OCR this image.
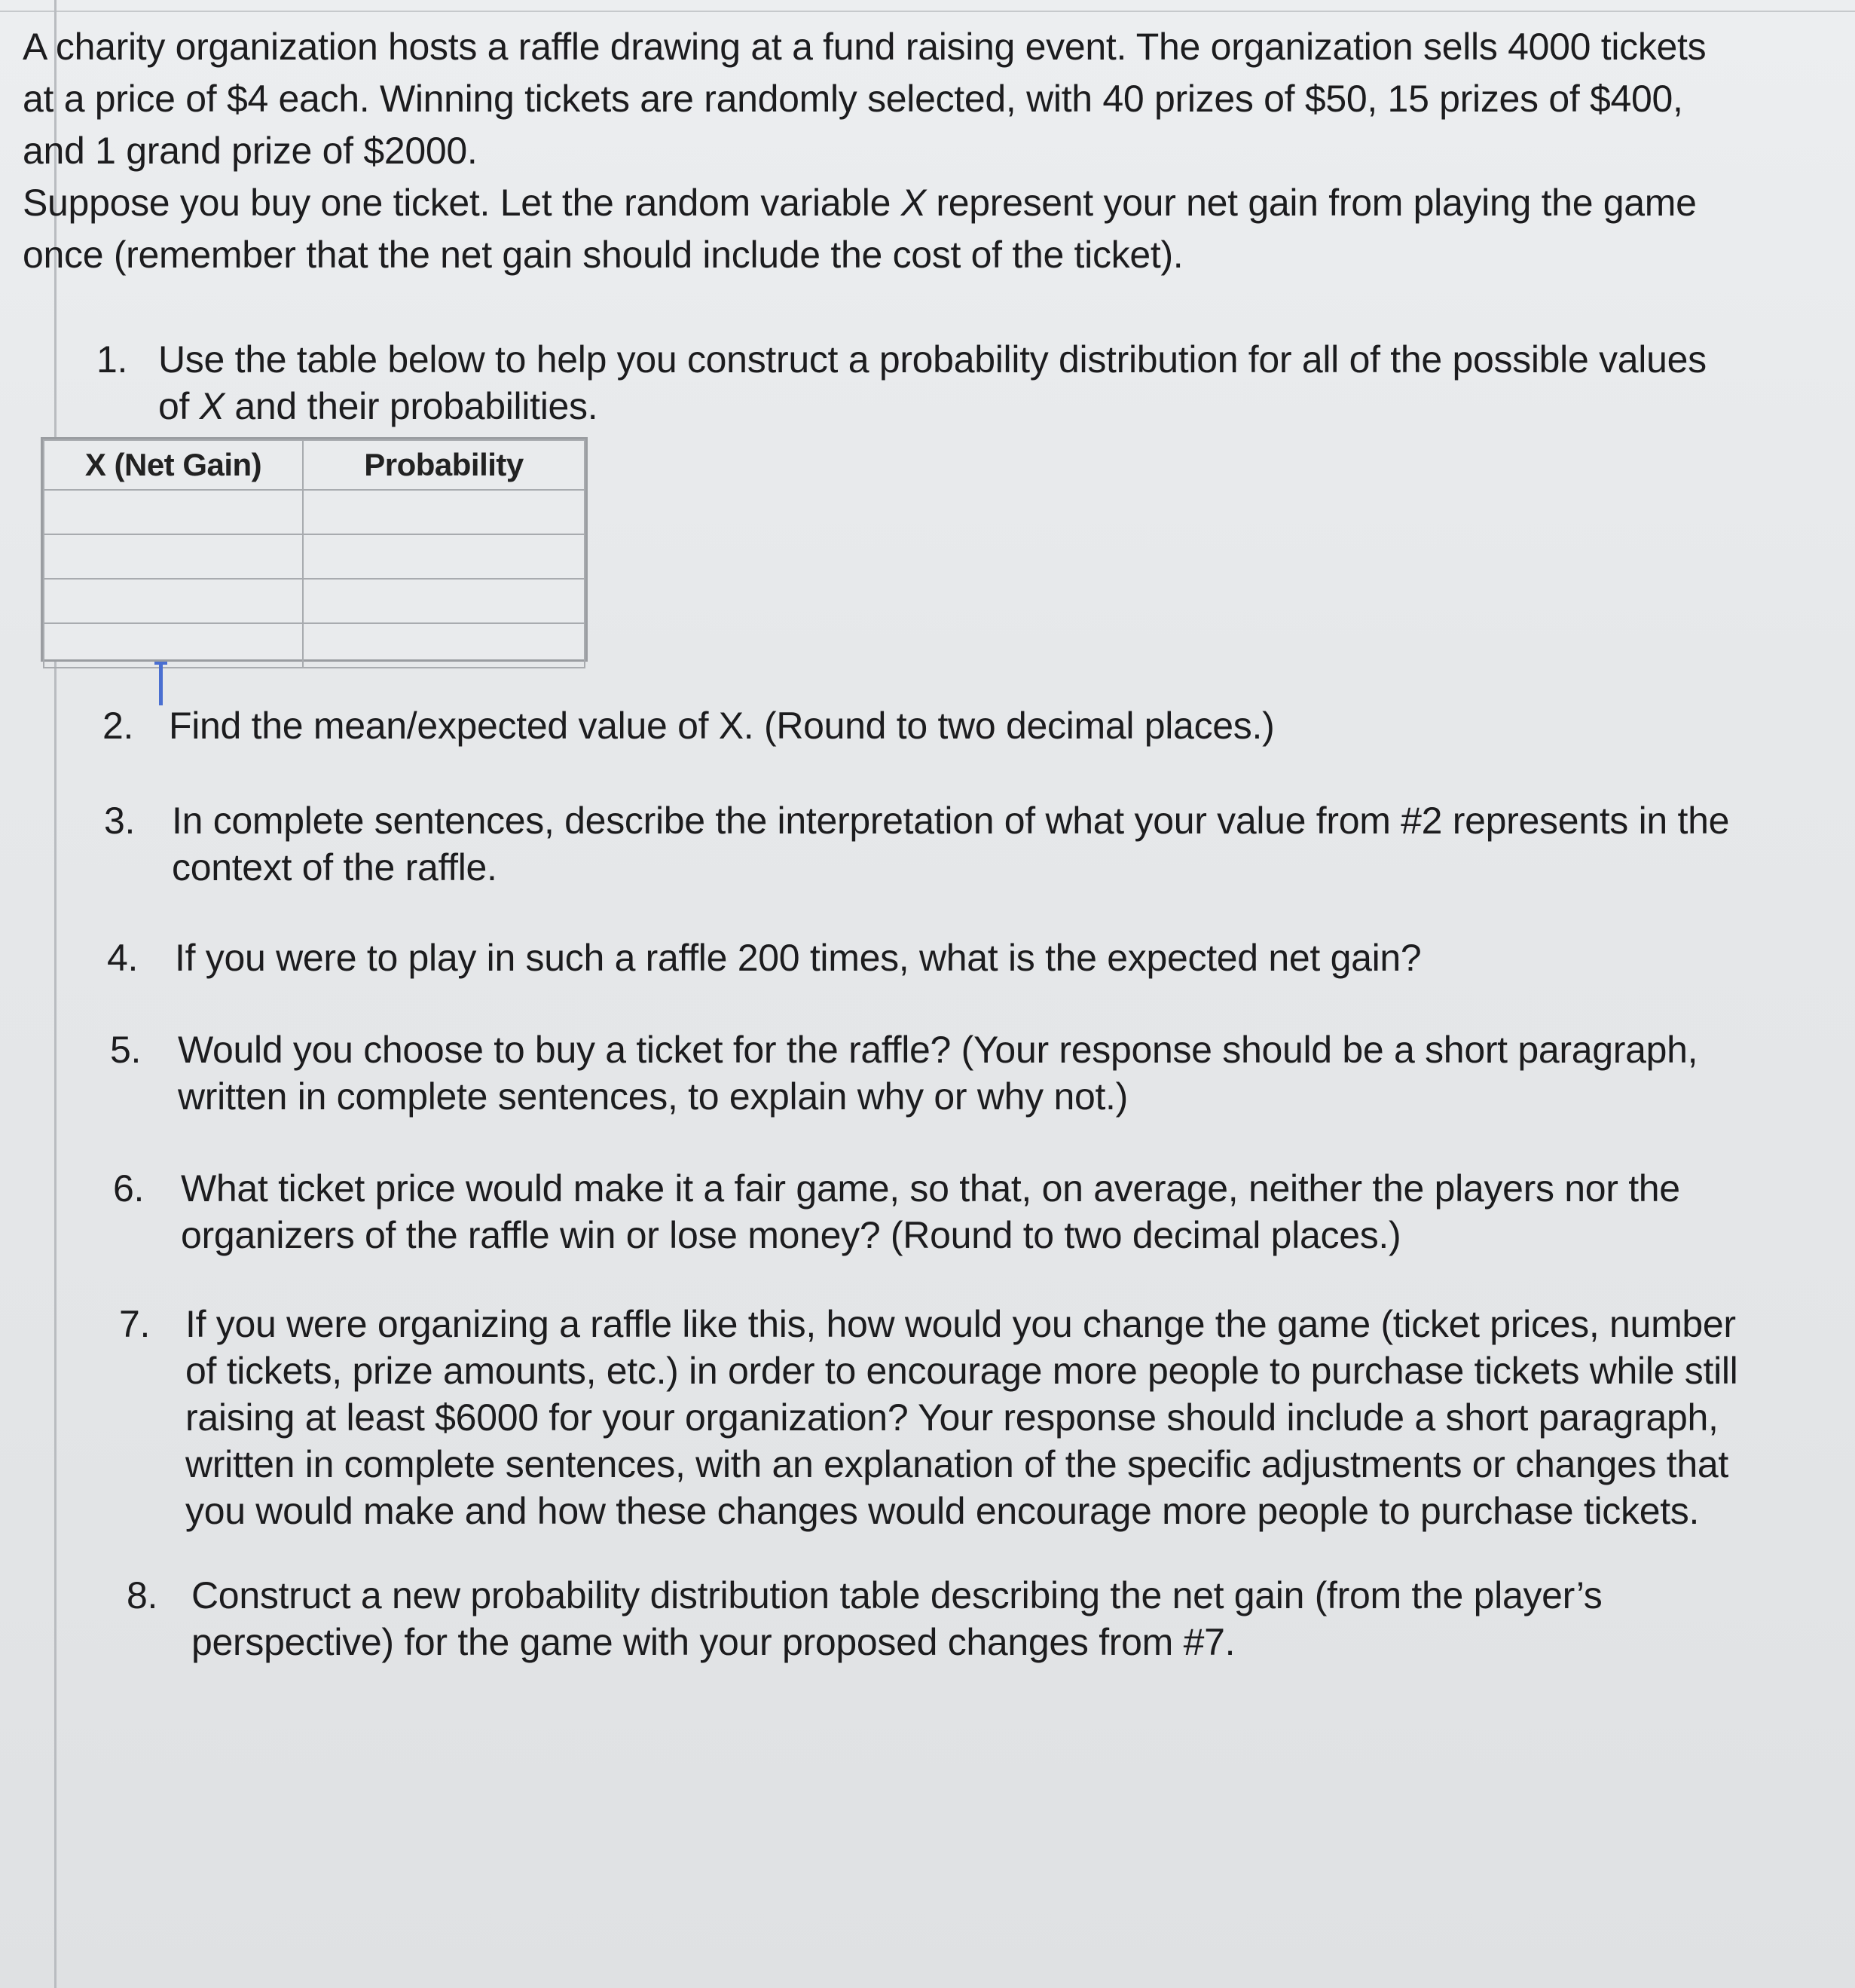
A charity organization hosts a raffle drawing at a fund raising event. The organization sells 4000 tickets

at a price of $4 each. Winning tickets are randomly selected, with 40 prizes of $50, 15 prizes of $400,

and 1 grand prize of $2000.

Suppose you buy one ticket. Let the random variable X represent your net gain from playing the game

once (remember that the net gain should include the cost of the ticket).

1. Use the table below to help you construct a probability distribution for all of the possible values
of X and their probabilities.
X (Net Gain)	Probability

2. Find the mean/expected value of X. (Round to two decimal places.)
3. In complete sentences, describe the interpretation of what your value from #2 represents in the
context of the raffle.
4. If you were to play in such a raffle 200 times, what is the expected net gain?
5. Would you choose to buy a ticket for the raffle? (Your response should be a short paragraph,
written in complete sentences, to explain why or why not.)
6. What ticket price would make it a fair game, so that, on average, neither the players nor the
organizers of the raffle win or lose money? (Round to two decimal places.)
7. If you were organizing a raffle like this, how would you change the game (ticket prices, number
of tickets, prize amounts, etc.) in order to encourage more people to purchase tickets while still
raising at least $6000 for your organization? Your response should include a short paragraph,
written in complete sentences, with an explanation of the specific adjustments or changes that
you would make and how these changes would encourage more people to purchase tickets.
8. Construct a new probability distribution table describing the net gain (from the player’s
perspective) for the game with your proposed changes from #7.
